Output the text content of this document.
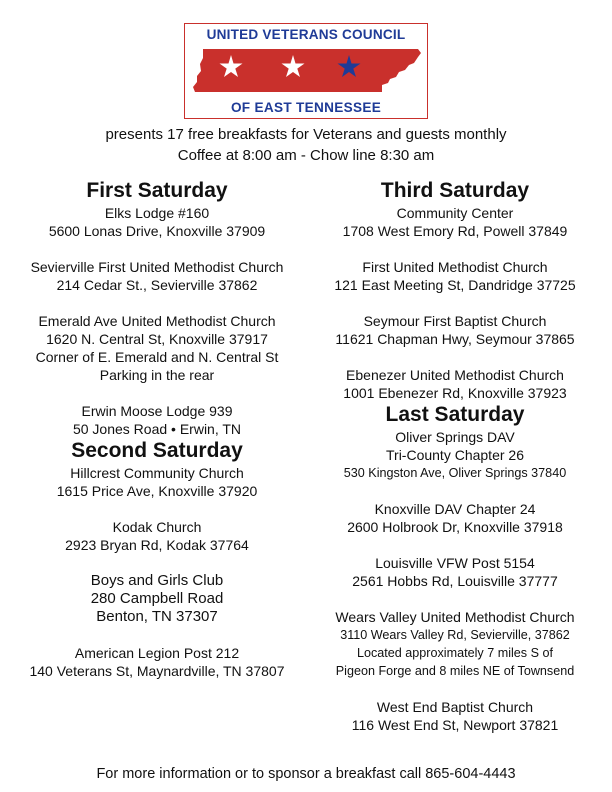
UNITED VETERANS COUNCIL
OF EAST TENNESSEE
presents 17 free breakfasts for Veterans and guests monthly
Coffee at 8:00 am - Chow line 8:30 am
First Saturday
Elks Lodge #160
5600 Lonas Drive, Knoxville 37909
Sevierville First United Methodist Church
214 Cedar St., Sevierville 37862
Emerald Ave United Methodist Church
1620 N. Central St, Knoxville 37917
Corner of E. Emerald and N. Central St
Parking in the rear
Erwin Moose Lodge 939
50 Jones Road • Erwin, TN
Second Saturday
Hillcrest Community Church
1615 Price Ave, Knoxville 37920
Kodak Church
2923 Bryan Rd, Kodak 37764
Boys and Girls Club
280 Campbell Road
Benton, TN 37307
American Legion Post 212
140 Veterans St, Maynardville, TN 37807
Third Saturday
Community Center
1708 West Emory Rd, Powell 37849
First United Methodist Church
121 East Meeting St, Dandridge 37725
Seymour First Baptist Church
11621 Chapman Hwy, Seymour 37865
Ebenezer United Methodist Church
1001 Ebenezer Rd, Knoxville 37923
Last Saturday
Oliver Springs DAV
Tri-County Chapter 26
530 Kingston Ave, Oliver Springs 37840
Knoxville DAV Chapter 24
2600 Holbrook Dr, Knoxville 37918
Louisville VFW Post 5154
2561 Hobbs Rd, Louisville 37777
Wears Valley United Methodist Church
3110 Wears Valley Rd, Sevierville, 37862
Located approximately 7 miles S of
Pigeon Forge and 8 miles NE of Townsend
West End Baptist Church
116 West End St, Newport 37821
For more information or to sponsor a breakfast call 865-604-4443
